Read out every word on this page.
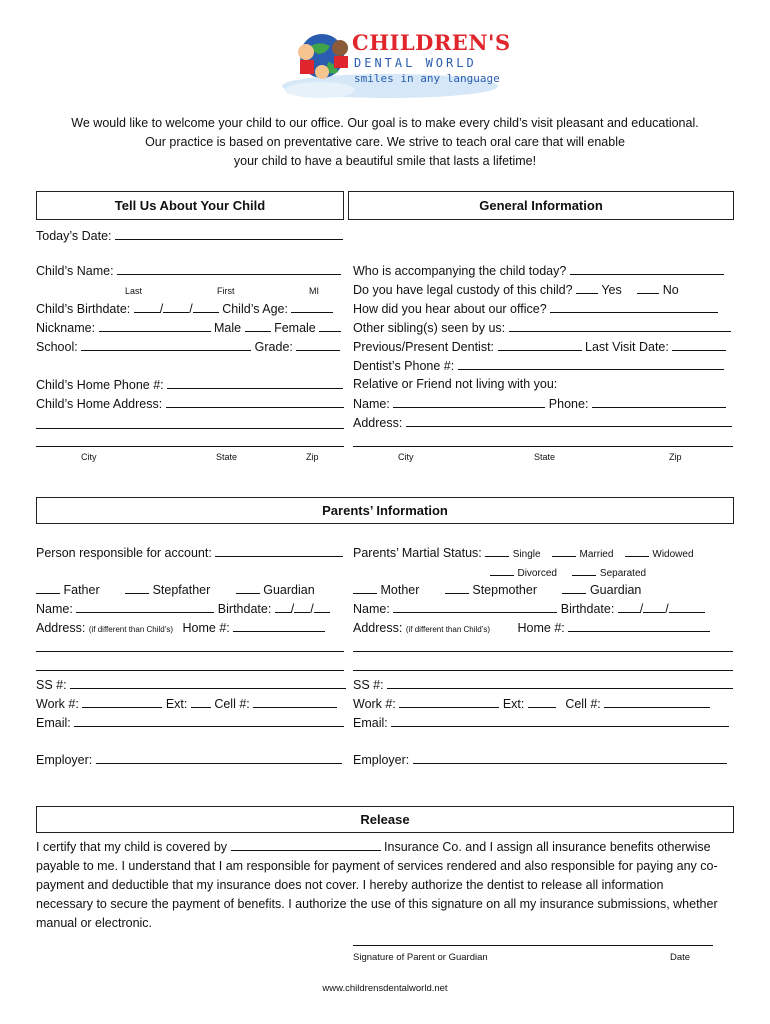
CHILDREN'S
DENTAL WORLD
smiles in any language
We would like to welcome your child to our office. Our goal is to make every child’s visit pleasant and educational.
Our practice is based on preventative care. We strive to teach oral care that will enable
your child to have a beautiful smile that lasts a lifetime!
Tell Us About Your Child	General Information
Today’s Date:
Child’s Name:
Last	First	MI
Child’s Birthdate: / / Child’s Age:
Nickname:	Male	Female
School:	Grade:
Child’s Home Phone #:
Child’s Home Address:
City	State	Zip
Who is accompanying the child today?
Do you have legal custody of this child? Yes	No
How did you hear about our office?
Other sibling(s) seen by us:
Previous/Present Dentist:	Last Visit Date:
Dentist’s Phone #:
Relative or Friend not living with you:
Name:	Phone:
Address:
City	State	Zip
Parents’ Information
Person responsible for account:	Parents’ Martial Status:	Single	Married	Widowed
Divorced	Separated
Father	Stepfather	Guardian	Mother	Stepmother	Guardian
Name:	Birthdate: / /	Name:	Birthdate: / /
Address: (if different than Child’s) Home #:	Address: (if different than Child’s) Home #:
SS #:	SS #:
Work #:	Ext: Cell #:	Work #:	Ext:	Cell #:
Email:	Email:
Employer:	Employer:
Release
I certify that my child is covered by	Insurance Co. and I assign all insurance benefits otherwise
payable to me. I understand that I am responsible for payment of services rendered and also responsible for paying any co-
payment and deductible that my insurance does not cover. I hereby authorize the dentist to release all information
necessary to secure the payment of benefits. I authorize the use of this signature on all my insurance submissions, whether
manual or electronic.
Signature of Parent or Guardian	Date
www.childrensdentalworld.net
